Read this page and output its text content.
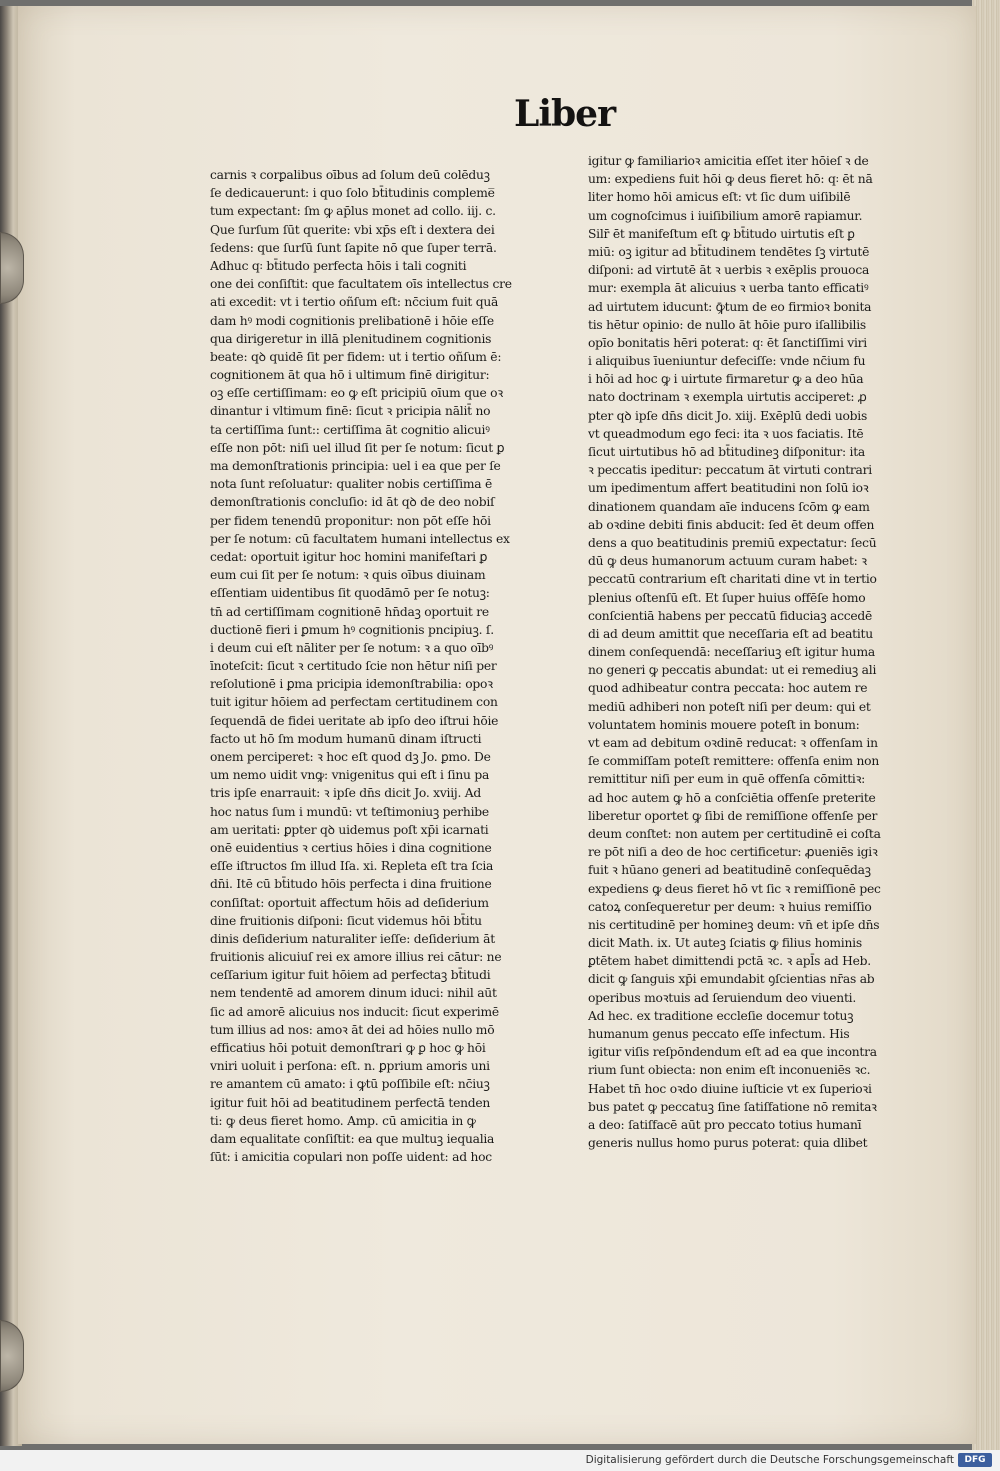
Liber
carnis ꝛ corꝑalibus oībus ad ſolum deū colēduꝫ
ſe dedicauerunt: i quo ſolo bt̄itudinis compleme̅
tum expectant: ſm ꝙ ap̄lus monet ad collo. iij. c.
Que ſurſum ſūt querite: vbi xp̄s eſt i dextera dei
ſedens: que ſurſū ſunt ſapite nō que ſuper terrā.
Adhuc q꞉ bt̄itudo perfecta hōis i tali cogniti
one dei conſiſtit: que facultatem oīs intellectus cre
ati excedit: vt i tertio oñſum eſt: nc̄cium fuit quā
dam hꝰ modi cognitionis prelibationē i hōie eſſe
qua dirigeretur in illā plenitudinem cognitionis
beate: qꝺ quidē ſit per fidem: ut i tertio oñſum ē:
cognitionem āt qua hō i ultimum finē dirigitur:
oꝫ eſſe certiſſimam: eo ꝙ eſt pricipiū oīum que oꝛ
dinantur i vltimum finē: ſicut ꝛ pricipia nālit̄ no
ta certiſſima ſunt:: certiſſima āt cognitio alicuiꝰ
eſſe non pōt: niſi uel illud ſit per ſe notum: ſicut ꝑ
ma demonſtrationis principia: uel i ea que per ſe
nota ſunt reſoluatur: qualiter nobis certiſſima ē
demonſtrationis concluſio: id āt qꝺ de deo nobiſ
per fidem tenendū proponitur: non pōt eſſe hōi
per ſe notum: cū facultatem humani intellectus ex
cedat: oportuit igitur hoc homini manifeſtari ꝑ
eum cui ſit per ſe notum: ꝛ quis oībus diuinam
eſſentiam uidentibus ſit quodāmō per ſe notuꝫ:
tn̄ ad certiſſimam cognitionē hn̄daꝫ oportuit re
ductionē fieri i ꝑmum hꝰ cognitionis pncipiuꝫ. ſ.
i deum cui eſt nāliter per ſe notum: ꝛ a quo oībꝰ
īnoteſcit: ſicut ꝛ certitudo ſcie non hētur niſi per
reſolutionē i ꝑma pricipia idemonſtrabilia: opoꝛ
tuit igitur hōiem ad perfectam certitudinem con
ſequendā de fidei ueritate ab ipſo deo iſtrui hōie
facto ut hō ſm modum humanū dinam iſtructi
onem perciperet: ꝛ hoc eſt quod dꝫ Jo. ꝑmo. De
um nemo uidit vnꝙ: vnigenitus qui eſt i ſinu pa
tris ipſe enarrauit: ꝛ ipſe dn̄s dicit Jo. xviij. Ad
hoc natus ſum i mundū: vt teſtimoniuꝫ perhibe
am ueritati: ꝑpter qꝺ uidemus poſt xp̄i icarnati
onē euidentius ꝛ certius hōies i dina cognitione
eſſe iſtructos ſm illud Iſa. xi. Repleta eſt tra ſcia
dn̄i. Itē cū bt̄itudo hōis perfecta i dina fruitione
conſiſtat: oportuit affectum hōis ad deſiderium
dine fruitionis diſponi: ſicut videmus hōi bt̄itu
dinis deſiderium naturaliter ieſſe: deſiderium āt
fruitionis alicuiuſ rei ex amore illius rei cātur: ne
ceſſarium igitur fuit hōiem ad perfectaꝫ bt̄itudi
nem tendentē ad amorem dinum iduci: nihil aūt
ſic ad amorē alicuius nos inducit: ſicut experimē
tum illius ad nos: amoꝛ āt dei ad hōies nullo mō
efficatius hōi potuit demonſtrari ꝙ ꝑ hoc ꝙ hōi
vniri uoluit i perſona: eſt. n. ꝑprium amoris uni
re amantem cū amato: i ꝙtū poſſibile eſt: nc̄iuꝫ
igitur fuit hōi ad beatitudinem perfectā tenden
ti: ꝙ deus fieret homo. Amp. cū amicitia in ꝙ
dam equalitate conſiſtit: ea que multuꝫ iequalia
ſūt: i amicitia copulari non poſſe uident: ad hoc
igitur ꝙ familiarioꝛ amicitia eſſet iter hōieſ ꝛ de
um: expediens fuit hōi ꝙ deus fieret hō: q꞉ ēt nā
liter homo hōi amicus eſt: vt ſic dum uiſibilē
um cognoſcimus i iuiſibilium amorē rapiamur.
Silr̄ ēt manifeſtum eſt ꝙ bt̄itudo uirtutis eſt ꝑ
miū: oꝫ igitur ad bt̄itudinem tendētes ſꝫ virtutē
diſponi: ad virtutē āt ꝛ uerbis ꝛ exēplis prouoca
mur: exempla āt alicuius ꝛ uerba tanto efficatiꝰ
ad uirtutem iducunt: ꝙ̄tum de eo firmioꝛ bonita
tis hētur opinio: de nullo āt hōie puro iſallibilis
opīo bonitatis hēri poterat: q꞉ ēt ſanctiſſimi viri
i aliquibus īueniuntur defeciſſe: vnde nc̄ium fu
i hōi ad hoc ꝙ i uirtute firmaretur ꝙ a deo hūa
nato doctrinam ꝛ exempla uirtutis acciperet: ꝓ
pter qꝺ ipſe dn̄s dicit Jo. xiij. Exēplū dedi uobis
vt queadmodum ego feci: ita ꝛ uos faciatis. Itē
ſicut uirtutibus hō ad bt̄itudineꝫ diſponitur: ita
ꝛ peccatis ipeditur: peccatum āt virtuti contrari
um ipedimentum affert beatitudini non ſolū ioꝛ
dinationem quandam aīe inducens ſcōm ꝙ eam
ab oꝛdine debiti finis abducit: ſed ēt deum offen
dens a quo beatitudinis premiū expectatur: ſecū
dū ꝙ deus humanorum actuum curam habet: ꝛ
peccatū contrarium eſt charitati dine vt in tertio
plenius oſtenſū eſt. Et ſuper huius offēſe homo
conſcientiā habens per peccatū fiduciaꝫ accedē
di ad deum amittit que neceſſaria eſt ad beatitu
dinem conſequendā: neceſſariuꝫ eſt igitur huma
no generi ꝙ peccatis abundat: ut ei remediuꝫ ali
quod adhibeatur contra peccata: hoc autem re
mediū adhiberi non poteſt niſi per deum: qui et
voluntatem hominis mouere poteſt in bonum:
vt eam ad debitum oꝛdinē reducat: ꝛ offenſam in
ſe commiſſam poteſt remittere: offenſa enim non
remittitur niſi per eum in quē offenſa cōmittiꝛ:
ad hoc autem ꝙ hō a conſciētia offenſe preterite
liberetur oportet ꝙ ſibi de remiſſione offenſe per
deum conſtet: non autem per certitudinē ei coſta
re pōt niſi a deo de hoc certificetur: ꝓueniēs igiꝛ
fuit ꝛ hūano generi ad beatitudinē conſequēdaꝫ
expediens ꝙ deus fieret hō vt ſic ꝛ remiſſionē pec
catoꝝ conſequeretur per deum: ꝛ huius remiſſio
nis certitudinē per homineꝫ deum: vn̄ et ipſe dn̄s
dicit Math. ix. Ut auteꝫ ſciatis ꝙ filius hominis
ꝑtētem habet dimittendi pctā ꝛc. ꝛ apl̄s ad Heb.
dicit ꝙ ſanguis xp̄i emundabit ꝯſcientias nr̄as ab
operibus moꝛtuis ad ſeruiendum deo viuenti.
Ad hec. ex traditione eccleſie docemur totuꝫ
humanum genus peccato eſſe infectum. His
igitur viſis reſpōndendum eſt ad ea que incontra
rium ſunt obiecta: non enim eſt inconueniēs ꝛc.
Habet tn̄ hoc oꝛdo diuine iuſticie vt ex ſuperioꝛi
bus patet ꝙ peccatuꝫ ſine ſatiſfatione nō remitaꝛ
a deo: ſatiſfacē aūt pro peccato totius humanī
generis nullus homo purus poterat: quia dlibet
Digitalisierung gefördert durch die Deutsche Forschungsgemeinschaft	DFG
